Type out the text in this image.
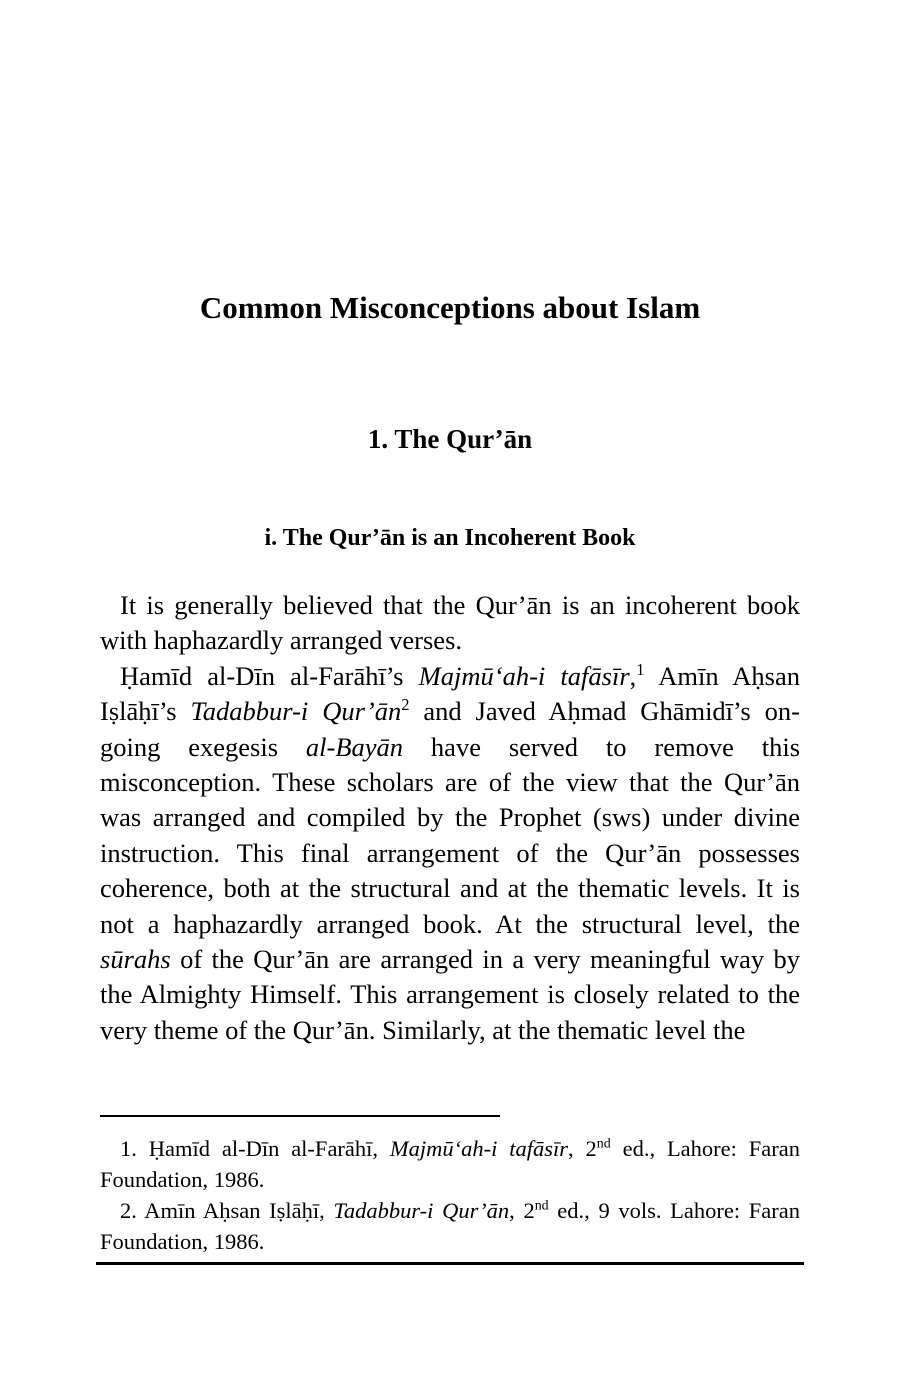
Common Misconceptions about Islam
1. The Qur’ān
i. The Qur’ān is an Incoherent Book

It is generally believed that the Qur’ān is an incoherent book with haphazardly arranged verses.

Ḥamīd al-Dīn al-Farāhī’s Majmū‘ah-i tafāsīr,$^1$ Amīn Aḥsan Iṣlāḥī’s Tadabbur-i $Qur’ān^2$ and Javed Aḥmad Ghāmidī’s on-going exegesis al-Bayān have served to remove this misconception. These scholars are of the view that the Qur’ān was arranged and compiled by the Prophet (sws) under divine instruction. This final arrangement of the Qur’ān possesses coherence, both at the structural and at the thematic levels. It is not a haphazardly arranged book. At the structural level, the sūrahs of the Qur’ān are arranged in a very meaningful way by the Almighty Himself. This arrangement is closely related to the very theme of the Qur’ān. Similarly, at the thematic level the

1. Ḥamīd al-Dīn al-Farāhī, Majmū‘ah-i tafāsīr, 2nd ed., Lahore: Faran Foundation, 1986.

2. Amīn Aḥsan Iṣlāḥī, Tadabbur-i Qur’ān, 2nd ed., 9 vols. Lahore: Faran Foundation, 1986.
